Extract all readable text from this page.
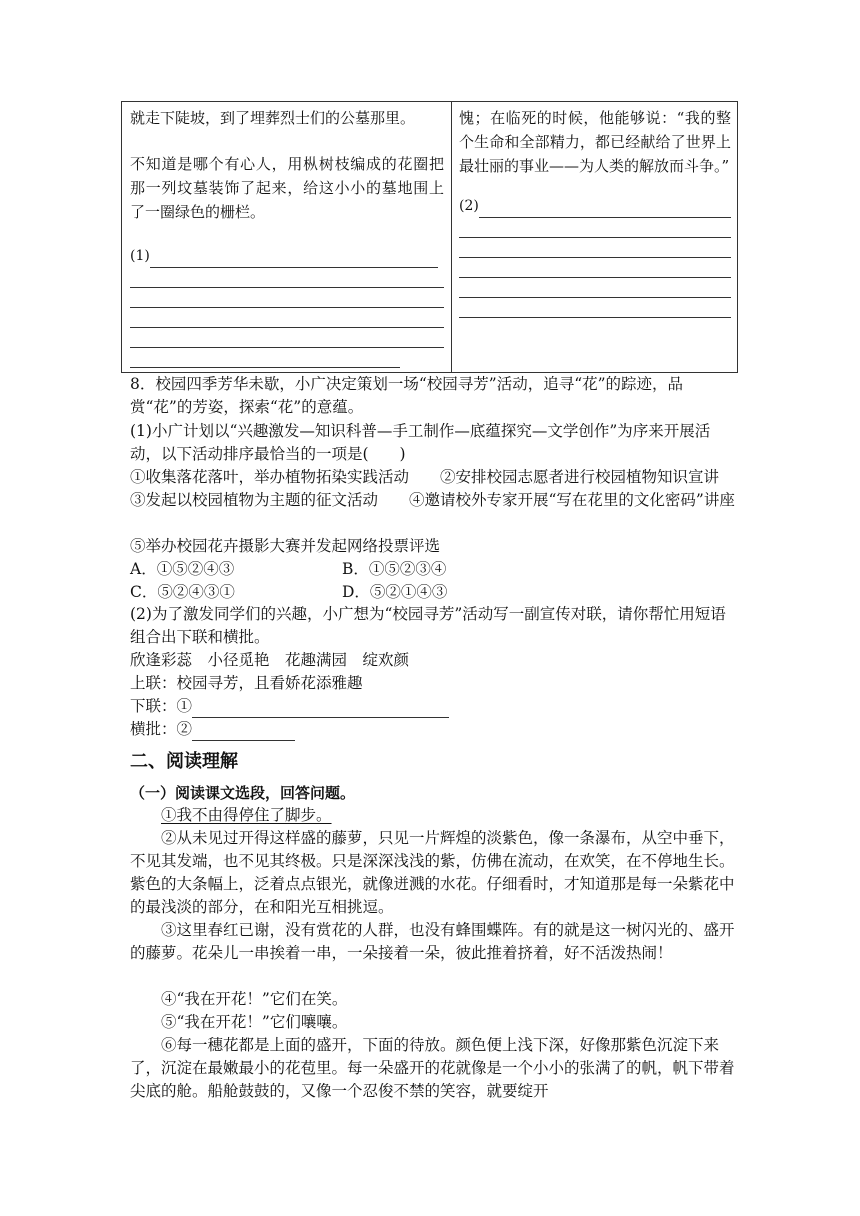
就走下陡坡，到了埋葬烈士们的公墓那里。

不知道是哪个有心人，用枞树枝编成的花圈把那一列坟墓装饰了起来，给这小小的墓地围上了一圈绿色的栅栏。

(1)

愧；在临死的时候，他能够说：“我的整个生命和全部精力，都已经献给了世界上最壮丽的事业——为人类的解放而斗争。”

(2)

8．校园四季芳华未歇，小广决定策划一场“校园寻芳”活动，追寻“花”的踪迹，品赏“花”的芳姿，探索“花”的意蕴。

(1)小广计划以“兴趣激发—知识科普—手工制作—底蕴探究—文学创作”为序来开展活动，以下活动排序最恰当的一项是(　　)

①收集落花落叶，举办植物拓染实践活动　　②安排校园志愿者进行校园植物知识宣讲　　③发起以校园植物为主题的征文活动　　④邀请校外专家开展“写在花里的文化密码”讲座

⑤举办校园花卉摄影大赛并发起网络投票评选

A．①⑤②④③	B．①⑤②③④
C．⑤②④③①	D．⑤②①④③

(2)为了激发同学们的兴趣，小广想为“校园寻芳”活动写一副宣传对联，请你帮忙用短语组合出下联和横批。

欣逢彩蕊　小径觅艳　花趣满园　绽欢颜

上联：校园寻芳，且看娇花添雅趣

下联：①

横批：②

二、阅读理解

（一）阅读课文选段，回答问题。

①我不由得停住了脚步。

②从未见过开得这样盛的藤萝，只见一片辉煌的淡紫色，像一条瀑布，从空中垂下，不见其发端，也不见其终极。只是深深浅浅的紫，仿佛在流动，在欢笑，在不停地生长。紫色的大条幅上，泛着点点银光，就像迸溅的水花。仔细看时，才知道那是每一朵紫花中的最浅淡的部分，在和阳光互相挑逗。

③这里春红已谢，没有赏花的人群，也没有蜂围蝶阵。有的就是这一树闪光的、盛开的藤萝。花朵儿一串挨着一串，一朵接着一朵，彼此推着挤着，好不活泼热闹！

④“我在开花！”它们在笑。

⑤“我在开花！”它们嚷嚷。

⑥每一穗花都是上面的盛开，下面的待放。颜色便上浅下深，好像那紫色沉淀下来了，沉淀在最嫩最小的花苞里。每一朵盛开的花就像是一个小小的张满了的帆，帆下带着尖底的舱。船舱鼓鼓的，又像一个忍俊不禁的笑容，就要绽开
